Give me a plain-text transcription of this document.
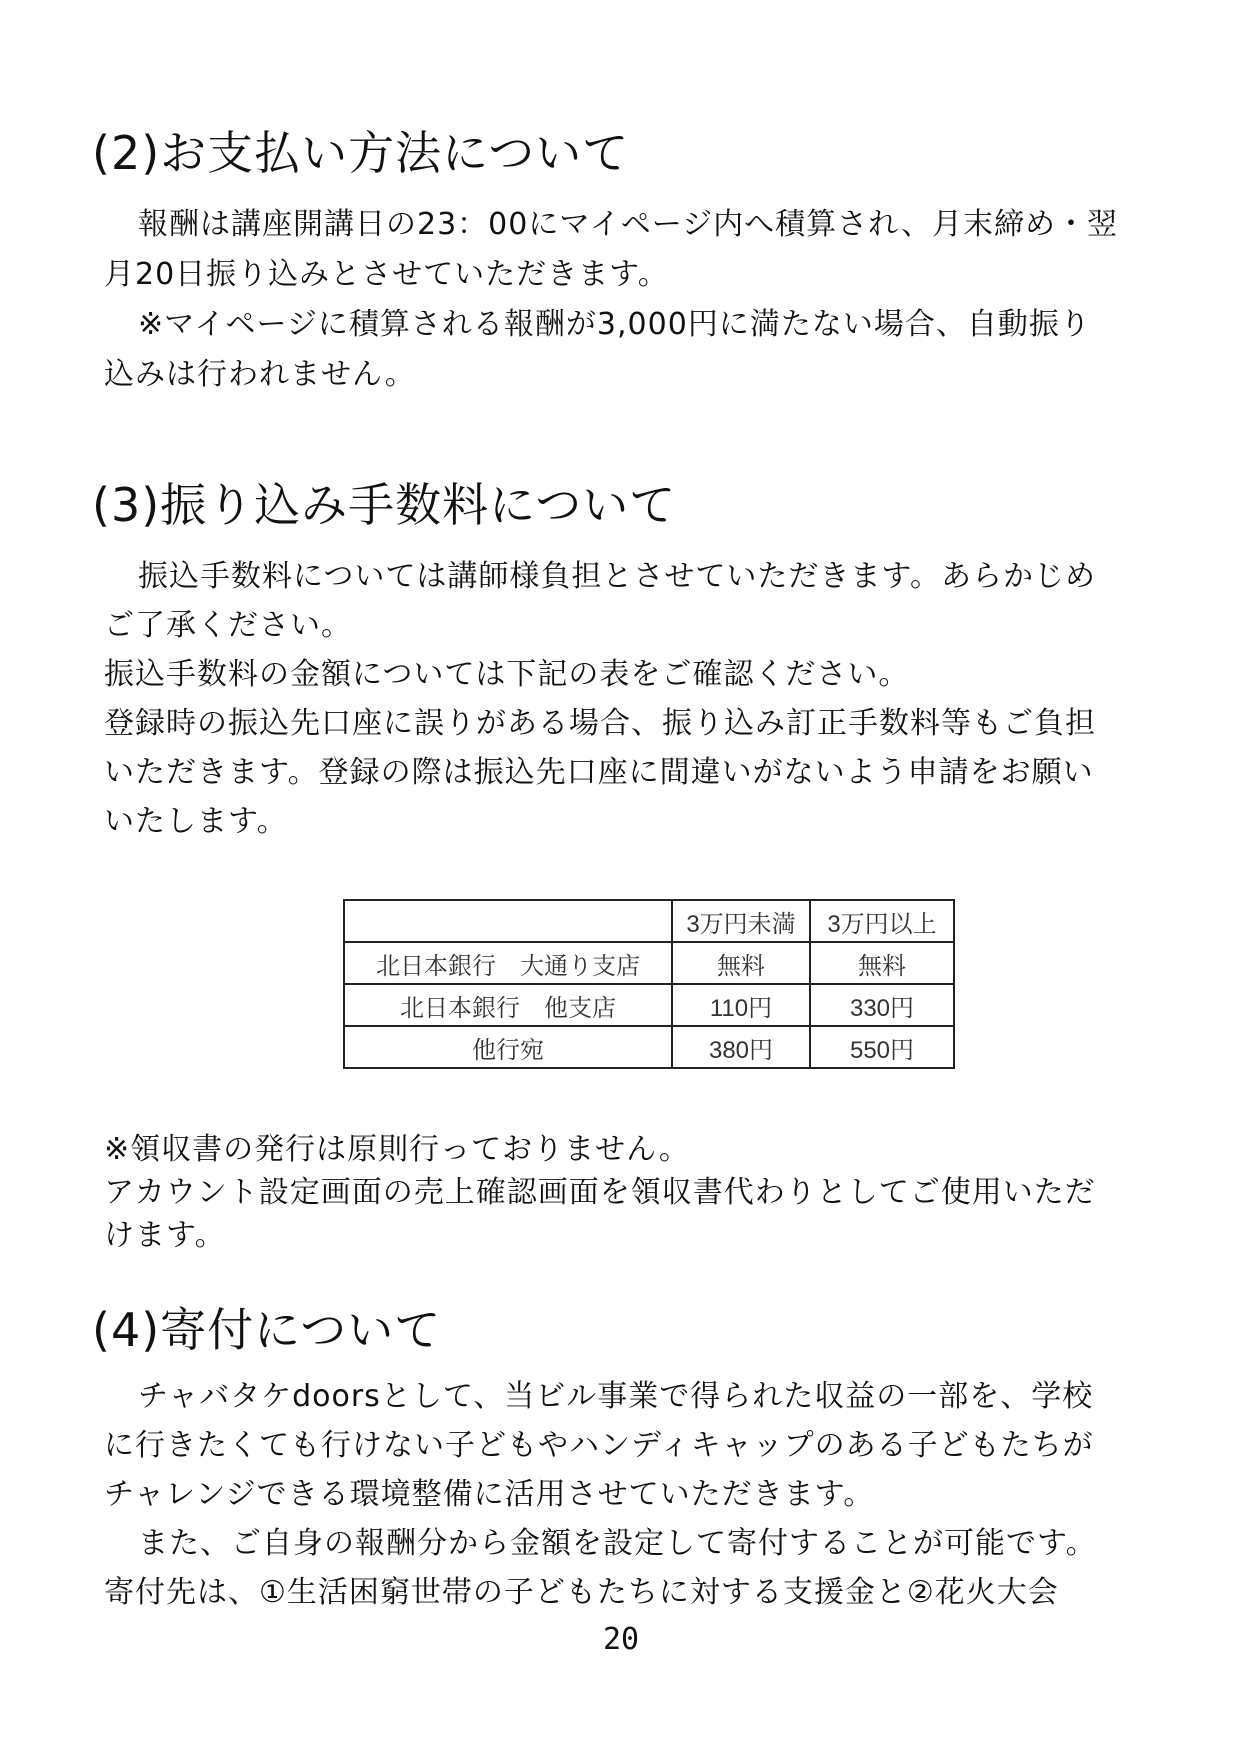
(2)お支払い方法について

報酬は講座開講日の23：00にマイページ内へ積算され、月末締め・翌

月20日振り込みとさせていただきます。

※マイページに積算される報酬が3,000円に満たない場合、自動振り

込みは行われません。

(3)振り込み手数料について

振込手数料については講師様負担とさせていただきます。あらかじめ

ご了承ください。

振込手数料の金額については下記の表をご確認ください。

登録時の振込先口座に誤りがある場合、振り込み訂正手数料等もご負担

いただきます。登録の際は振込先口座に間違いがないよう申請をお願い

いたします。

	3万円未満	3万円以上
北日本銀行　大通り支店	無料	無料
北日本銀行　他支店	110円	330円
他行宛	380円	550円

※領収書の発行は原則行っておりません。

アカウント設定画面の売上確認画面を領収書代わりとしてご使用いただ

けます。

(4)寄付について

チャバタケdoorsとして、当ビル事業で得られた収益の一部を、学校

に行きたくても行けない子どもやハンディキャップのある子どもたちが

チャレンジできる環境整備に活用させていただきます。

また、ご自身の報酬分から金額を設定して寄付することが可能です。

寄付先は、①生活困窮世帯の子どもたちに対する支援金と②花火大会

20
